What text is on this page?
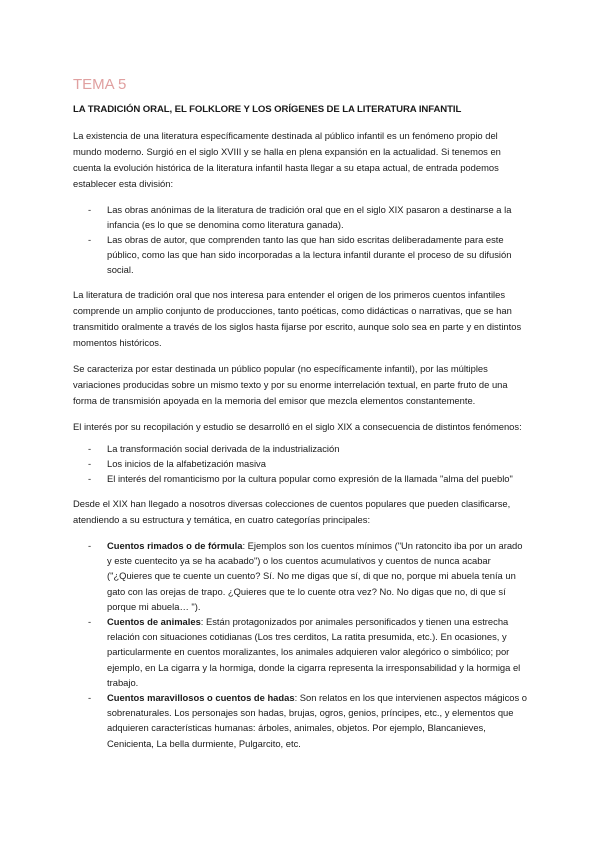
TEMA 5
LA TRADICIÓN ORAL, EL FOLKLORE Y LOS ORÍGENES DE LA LITERATURA INFANTIL

La existencia de una literatura específicamente destinada al público infantil es un fenómeno propio del mundo moderno. Surgió en el siglo XVIII y se halla en plena expansión en la actualidad. Si tenemos en cuenta la evolución histórica de la literatura infantil hasta llegar a su etapa actual, de entrada podemos establecer esta división:

- Las obras anónimas de la literatura de tradición oral que en el siglo XIX pasaron a destinarse a la infancia (es lo que se denomina como literatura ganada).
- Las obras de autor, que comprenden tanto las que han sido escritas deliberadamente para este público, como las que han sido incorporadas a la lectura infantil durante el proceso de su difusión social.

La literatura de tradición oral que nos interesa para entender el origen de los primeros cuentos infantiles comprende un amplio conjunto de producciones, tanto poéticas, como didácticas o narrativas, que se han transmitido oralmente a través de los siglos hasta fijarse por escrito, aunque solo sea en parte y en distintos momentos históricos.

Se caracteriza por estar destinada un público popular (no específicamente infantil), por las múltiples variaciones producidas sobre un mismo texto y por su enorme interrelación textual, en parte fruto de una forma de transmisión apoyada en la memoria del emisor que mezcla elementos constantemente.

El interés por su recopilación y estudio se desarrolló en el siglo XIX a consecuencia de distintos fenómenos:

- La transformación social derivada de la industrialización
- Los inicios de la alfabetización masiva
- El interés del romanticismo por la cultura popular como expresión de la llamada "alma del pueblo"

Desde el XIX han llegado a nosotros diversas colecciones de cuentos populares que pueden clasificarse, atendiendo a su estructura y temática, en cuatro categorías principales:

- Cuentos rimados o de fórmula: Ejemplos son los cuentos mínimos ("Un ratoncito iba por un arado y este cuentecito ya se ha acabado") o los cuentos acumulativos y cuentos de nunca acabar ("¿Quieres que te cuente un cuento? Sí. No me digas que sí, di que no, porque mi abuela tenía un gato con las orejas de trapo. ¿Quieres que te lo cuente otra vez? No. No digas que no, di que sí porque mi abuela… ").
- Cuentos de animales: Están protagonizados por animales personificados y tienen una estrecha relación con situaciones cotidianas (Los tres cerditos, La ratita presumida, etc.). En ocasiones, y particularmente en cuentos moralizantes, los animales adquieren valor alegórico o simbólico; por ejemplo, en La cigarra y la hormiga, donde la cigarra representa la irresponsabilidad y la hormiga el trabajo.
- Cuentos maravillosos o cuentos de hadas: Son relatos en los que intervienen aspectos mágicos o sobrenaturales. Los personajes son hadas, brujas, ogros, genios, príncipes, etc., y elementos que adquieren características humanas: árboles, animales, objetos. Por ejemplo, Blancanieves, Cenicienta, La bella durmiente, Pulgarcito, etc.
